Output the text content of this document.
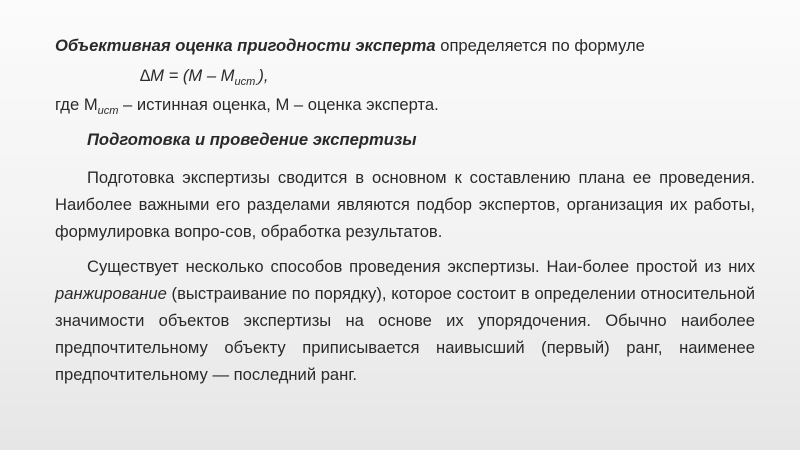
Объективная оценка пригодности эксперта определяется по формуле

$\Delta M = (M - M_{ucm.})$,

где $M_{ucm}$ – истинная оценка, M – оценка эксперта.

Подготовка и проведение экспертизы

Подготовка экспертизы сводится в основном к составлению плана ее проведения. Наиболее важными его разделами являются подбор экспертов, организация их работы, формулировка вопро-сов, обработка результатов.

Существует несколько способов проведения экспертизы. Наи-более простой из них ранжирование (выстраивание по порядку), которое состоит в определении относительной значимости объектов экспертизы на основе их упорядочения. Обычно наиболее предпочтительному объекту приписывается наивысший (первый) ранг, наименее предпочтительному — последний ранг.
